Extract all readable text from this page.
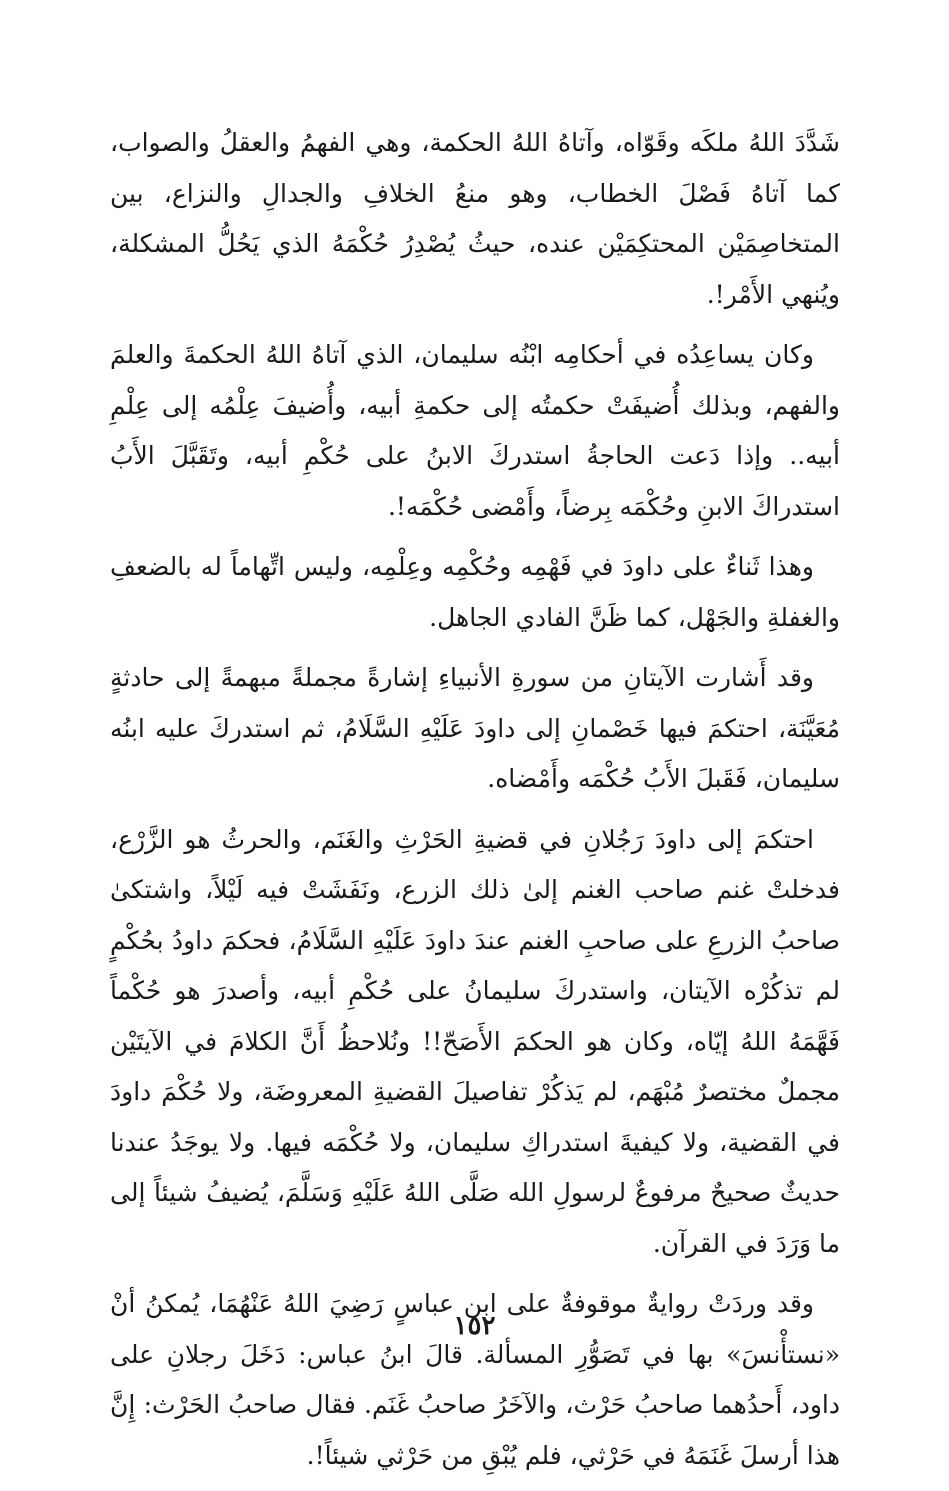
شَدَّدَ اللهُ ملكَه وقَوّاه، وآتاهُ اللهُ الحكمة، وهي الفهمُ والعقلُ والصواب، كما آتاهُ فَصْلَ الخطاب، وهو منعُ الخلافِ والجدالِ والنزاع، بين المتخاصِمَيْن المحتكِمَيْن عنده، حيثُ يُصْدِرُ حُكْمَهُ الذي يَحُلُّ المشكلة، ويُنهي الأَمْر!.

وكان يساعِدُه في أحكامِه ابْنُه سليمان، الذي آتاهُ اللهُ الحكمةَ والعلمَ والفهم، وبذلك أُضيفَتْ حكمتُه إلى حكمةِ أبيه، وأُضيفَ عِلْمُه إلى عِلْمِ أبيه.. وإذا دَعت الحاجةُ استدركَ الابنُ على حُكْمِ أبيه، وتَقَبَّلَ الأَبُ استدراكَ الابنِ وحُكْمَه بِرضاً، وأَمْضى حُكْمَه!.

وهذا ثَناءٌ على داودَ في فَهْمِه وحُكْمِه وعِلْمِه، وليس اتِّهاماً له بالضعفِ والغفلةِ والجَهْل، كما ظَنَّ الفادي الجاهل.

وقد أَشارت الآيتانِ من سورةِ الأنبياءِ إشارةً مجملةً مبهمةً إلى حادثةٍ مُعَيَّنَة، احتكمَ فيها خَصْمانِ إلى داودَ عَلَيْهِ السَّلَامُ، ثم استدركَ عليه ابنُه سليمان، فَقَبلَ الأَبُ حُكْمَه وأَمْضاه.

احتكمَ إلى داودَ رَجُلانِ في قضيةِ الحَرْثِ والغَنَم، والحرثُ هو الزَّرْع، فدخلتْ غنم صاحب الغنم إلىٰ ذلك الزرع، ونَفَشَتْ فيه لَيْلاً، واشتكىٰ صاحبُ الزرعِ على صاحبِ الغنم عندَ داودَ عَلَيْهِ السَّلَامُ، فحكمَ داودُ بحُكْمٍ لم تذكُرْه الآيتان، واستدركَ سليمانُ على حُكْمِ أبيه، وأصدرَ هو حُكْماً فَهَّمَهُ اللهُ إيّاه، وكان هو الحكمَ الأَصَحّ!! ونُلاحظُ أَنَّ الكلامَ في الآيتَيْن مجملٌ مختصرٌ مُبْهَم، لم يَذكُرْ تفاصيلَ القضيةِ المعروضَة، ولا حُكْمَ داودَ في القضية، ولا كيفيةَ استدراكِ سليمان، ولا حُكْمَه فيها. ولا يوجَدُ عندنا حديثٌ صحيحٌ مرفوعٌ لرسولِ الله صَلَّى اللهُ عَلَيْهِ وَسَلَّمَ، يُضيفُ شيئاً إلى ما وَرَدَ في القرآن.

وقد وردَتْ روايةٌ موقوفةٌ على ابن عباسٍ رَضِيَ اللهُ عَنْهُمَا، يُمكنُ أنْ «نستأْنسَ» بها في تَصَوُّرِ المسألة. قالَ ابنُ عباس: دَخَلَ رجلانِ على داود، أَحدُهما صاحبُ حَرْث، والآخَرُ صاحبُ غَنَم. فقال صاحبُ الحَرْث: إِنَّ هذا أرسلَ غَنَمَهُ في حَرْثي، فلم يُبْقِ من حَرْثي شيئاً!.

١٥٢
